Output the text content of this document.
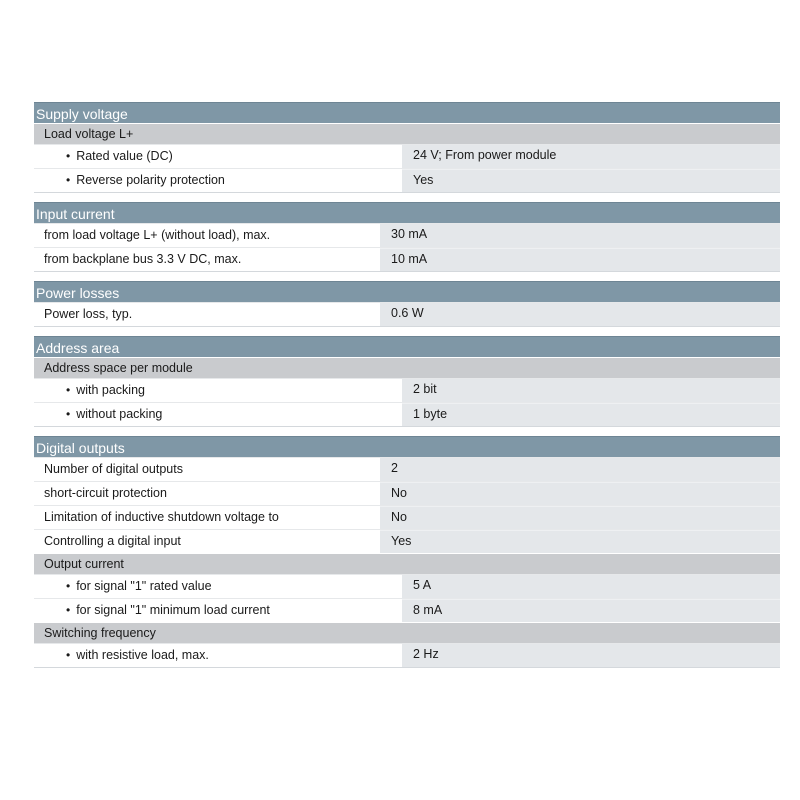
Supply voltage
Load voltage L+
• Rated value (DC)	24 V; From power module
• Reverse polarity protection	Yes
Input current
from load voltage L+ (without load), max.	30 mA
from backplane bus 3.3 V DC, max.	10 mA
Power losses
Power loss, typ.	0.6 W
Address area
Address space per module
• with packing	2 bit
• without packing	1 byte
Digital outputs
Number of digital outputs	2
short-circuit protection	No
Limitation of inductive shutdown voltage to	No
Controlling a digital input	Yes
Output current
• for signal "1" rated value	5 A
• for signal "1" minimum load current	8 mA
Switching frequency
• with resistive load, max.	2 Hz
